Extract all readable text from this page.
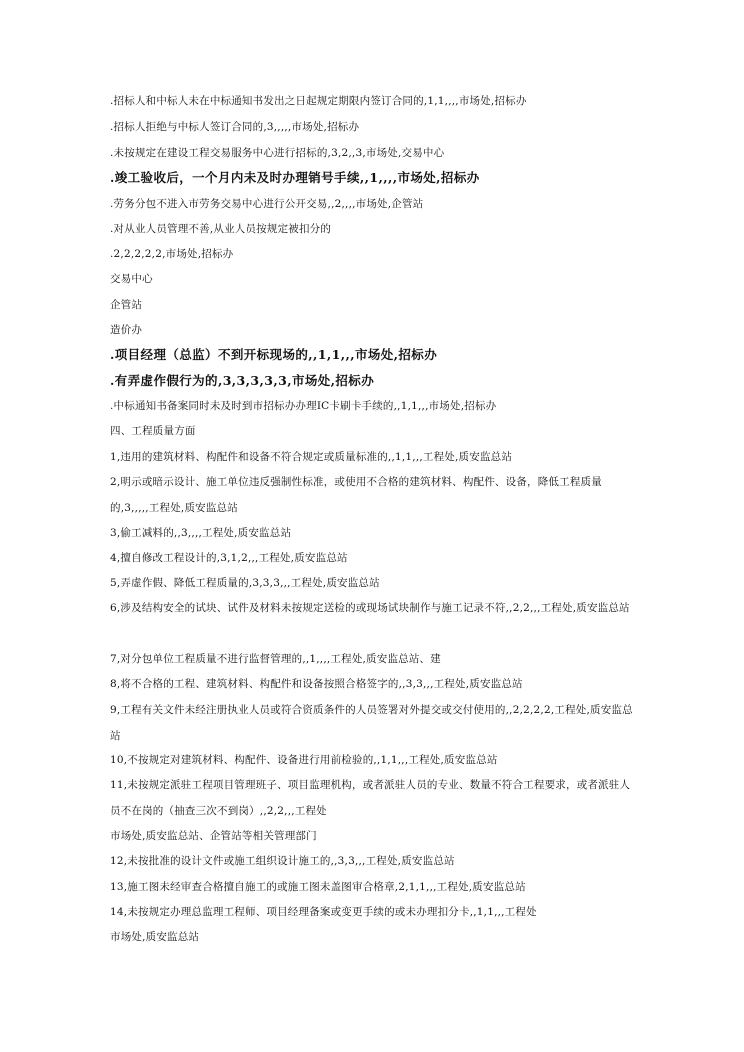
.招标人和中标人未在中标通知书发出之日起规定期限内签订合同的,1,1,,,,市场处,招标办
.招标人拒绝与中标人签订合同的,3,,,,,市场处,招标办
.未按规定在建设工程交易服务中心进行招标的,3,2,,3,市场处,交易中心
.竣工验收后，一个月内未及时办理销号手续,,1,,,,市场处,招标办
.劳务分包不进入市劳务交易中心进行公开交易,,2,,,,市场处,企管站
.对从业人员管理不善,从业人员按规定被扣分的
.2,2,2,2,2,市场处,招标办
交易中心
企管站
造价办
.项目经理（总监）不到开标现场的,,1,1,,,市场处,招标办
.有弄虚作假行为的,3,3,3,3,3,市场处,招标办
.中标通知书备案同时未及时到市招标办办理IC卡刷卡手续的,,1,1,,,市场处,招标办
四、工程质量方面
1,违用的建筑材料、构配件和设备不符合规定或质量标准的,,1,1,,,工程处,质安监总站
2,明示或暗示设计、施工单位违反强制性标准，或使用不合格的建筑材料、构配件、设备，降低工程质量的,3,,,,,工程处,质安监总站
3,偷工减料的,,3,,,,工程处,质安监总站
4,擅自修改工程设计的,3,1,2,,,工程处,质安监总站
5,弄虚作假、降低工程质量的,3,3,3,,,工程处,质安监总站
6,涉及结构安全的试块、试件及材料未按规定送检的或现场试块制作与施工记录不符,,2,2,,,工程处,质安监总站
7,对分包单位工程质量不进行监督管理的,,1,,,,工程处,质安监总站、建
8,将不合格的工程、建筑材料、构配件和设备按照合格签字的,,3,3,,,工程处,质安监总站
9,工程有关文件未经注册执业人员或符合资质条件的人员签署对外提交或交付使用的,,2,2,2,2,工程处,质安监总站
10,不按规定对建筑材料、构配件、设备进行用前检验的,,1,1,,,工程处,质安监总站
11,未按规定派驻工程项目管理班子、项目监理机构，或者派驻人员的专业、数量不符合工程要求，或者派驻人员不在岗的（抽查三次不到岗）,,2,2,,,工程处
市场处,质安监总站、企管站等相关管理部门
12,未按批准的设计文件或施工组织设计施工的,,3,3,,,工程处,质安监总站
13,施工图未经审查合格擅自施工的或施工图未盖图审合格章,2,1,1,,,工程处,质安监总站
14,未按规定办理总监理工程师、项目经理备案或变更手续的或未办理扣分卡,,1,1,,,工程处
市场处,质安监总站
